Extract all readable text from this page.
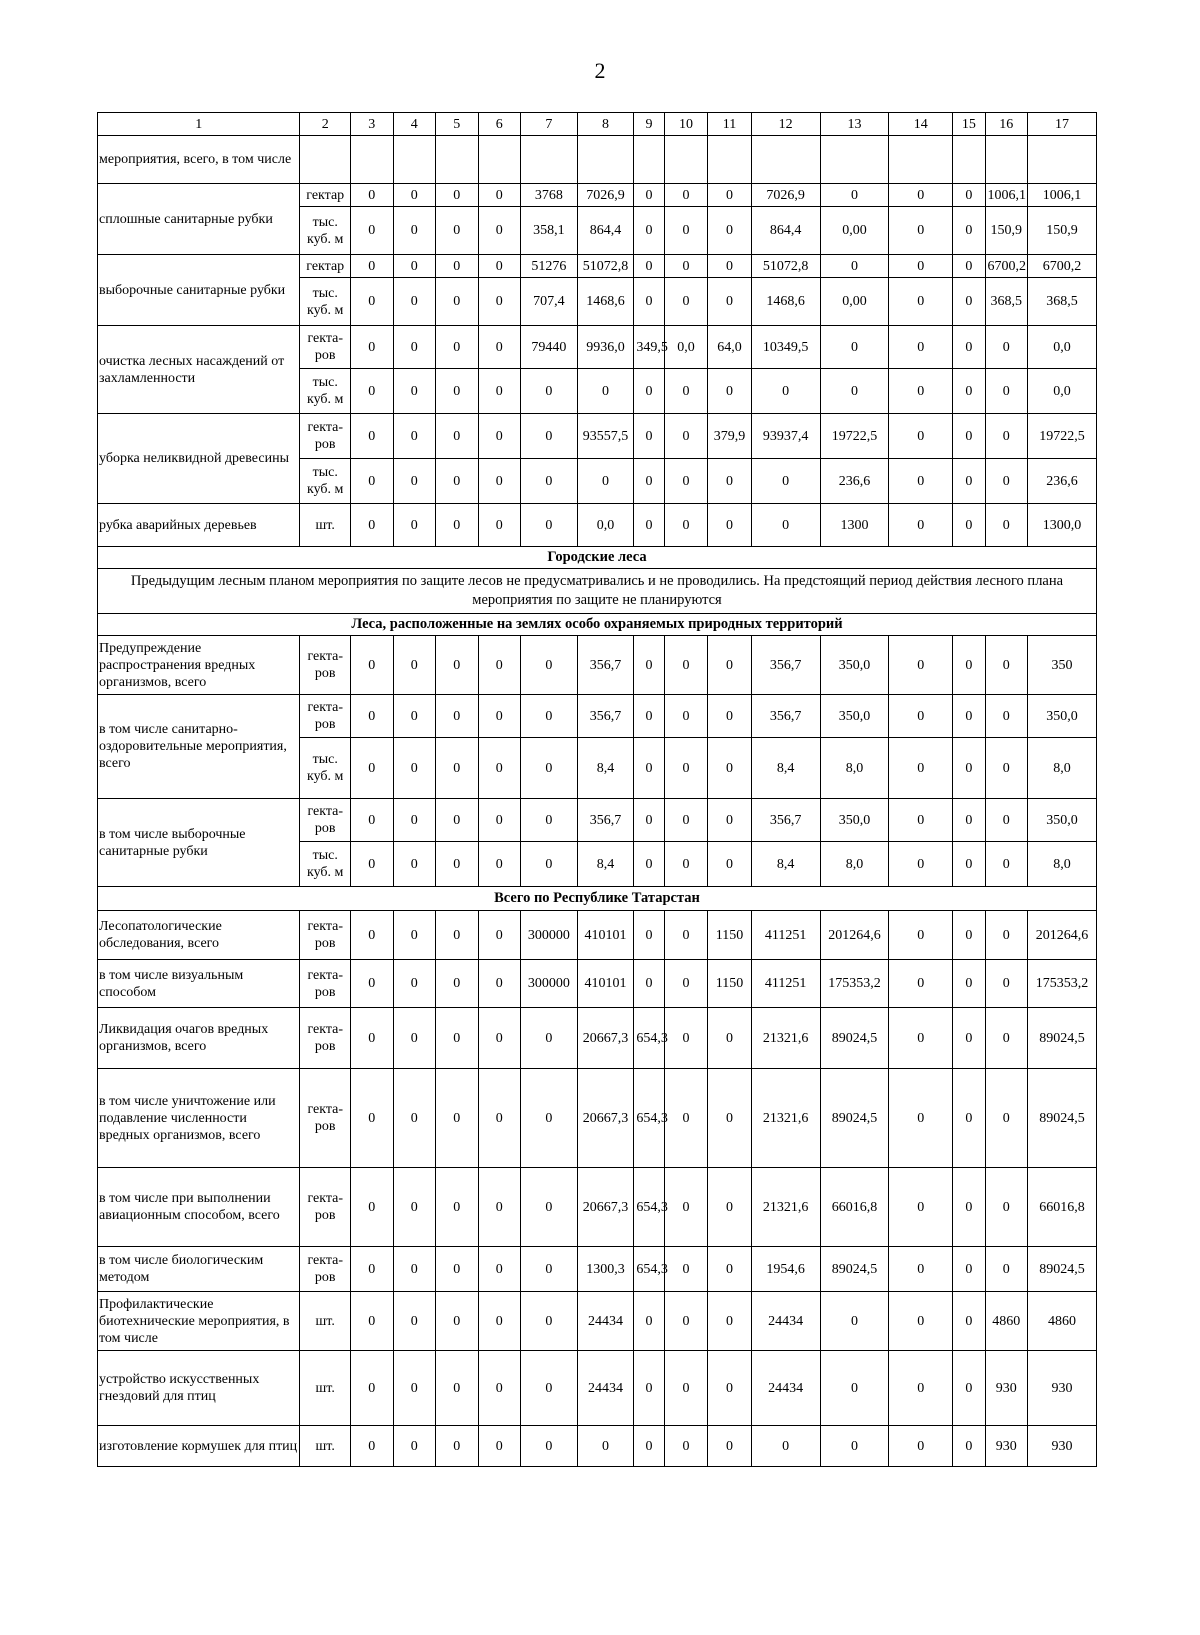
2
1	2	3	4	5	6	7	8	9	10	11	12	13	14	15	16	17
мероприятия, всего, в том числе																
сплошные санитарные рубки	гектар	0	0	0	0	3768	7026,9	0	0	0	7026,9	0	0	0	1006,1	1006,1
	тыс. куб. м	0	0	0	0	358,1	864,4	0	0	0	864,4	0,00	0	0	150,9	150,9
выборочные санитарные рубки	гектар	0	0	0	0	51276	51072,8	0	0	0	51072,8	0	0	0	6700,2	6700,2
	тыс. куб. м	0	0	0	0	707,4	1468,6	0	0	0	1468,6	0,00	0	0	368,5	368,5
очистка лесных насаждений от захламленности	гекта-ров	0	0	0	0	79440	9936,0	349,5	0,0	64,0	10349,5	0	0	0	0	0,0
	тыс. куб. м	0	0	0	0	0	0	0	0	0	0	0	0	0	0	0,0
уборка неликвидной древесины	гекта-ров	0	0	0	0	0	93557,5	0	0	379,9	93937,4	19722,5	0	0	0	19722,5
	тыс. куб. м	0	0	0	0	0	0	0	0	0	0	236,6	0	0	0	236,6
рубка аварийных деревьев	шт.	0	0	0	0	0	0,0	0	0	0	0	1300	0	0	0	1300,0
Городские леса																
Предыдущим лесным планом мероприятия по защите лесов не предусматривались и не проводились. На предстоящий период действия лесного плана мероприятия по защите не планируются																
Леса, расположенные на землях особо охраняемых природных территорий																
Предупреждение распространения вредных организмов, всего	гекта-ров	0	0	0	0	0	356,7	0	0	0	356,7	350,0	0	0	0	350
в том числе санитарно-оздоровительные мероприятия, всего	гекта-ров	0	0	0	0	0	356,7	0	0	0	356,7	350,0	0	0	0	350,0
	тыс. куб. м	0	0	0	0	0	8,4	0	0	0	8,4	8,0	0	0	0	8,0
в том числе выборочные санитарные рубки	гекта-ров	0	0	0	0	0	356,7	0	0	0	356,7	350,0	0	0	0	350,0
	тыс. куб. м	0	0	0	0	0	8,4	0	0	0	8,4	8,0	0	0	0	8,0
Всего по Республике Татарстан																
Лесопатологические обследования, всего	гекта-ров	0	0	0	0	300000	410101	0	0	1150	411251	201264,6	0	0	0	201264,6
в том числе визуальным способом	гекта-ров	0	0	0	0	300000	410101	0	0	1150	411251	175353,2	0	0	0	175353,2
Ликвидация очагов вредных организмов, всего	гекта-ров	0	0	0	0	0	20667,3	654,3	0	0	21321,6	89024,5	0	0	0	89024,5
в том числе уничтожение или подавление численности вредных организмов, всего	гекта-ров	0	0	0	0	0	20667,3	654,3	0	0	21321,6	89024,5	0	0	0	89024,5
в том числе при выполнении авиационным способом, всего	гекта-ров	0	0	0	0	0	20667,3	654,3	0	0	21321,6	66016,8	0	0	0	66016,8
в том числе биологическим методом	гекта-ров	0	0	0	0	0	1300,3	654,3	0	0	1954,6	89024,5	0	0	0	89024,5
Профилактические биотехнические мероприятия, в том числе	шт.	0	0	0	0	0	24434	0	0	0	24434	0	0	0	4860	4860
устройство искусственных гнездовий для птиц	шт.	0	0	0	0	0	24434	0	0	0	24434	0	0	0	930	930
изготовление кормушек для птиц	шт.	0	0	0	0	0	0	0	0	0	0	0	0	0	930	930
